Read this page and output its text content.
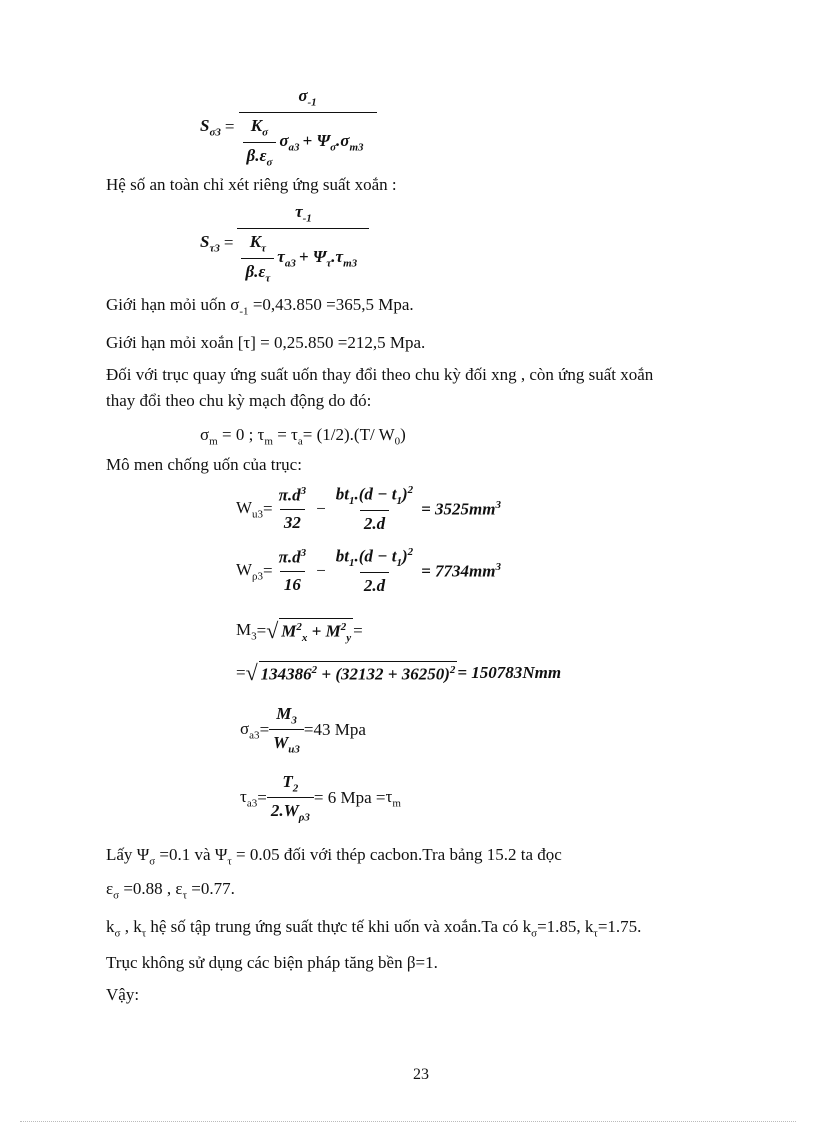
$S_{\sigma 3} = \frac{\sigma_{-1}}{\frac{K_\sigma}{\beta.\varepsilon_\sigma} \sigma_{a3} + \Psi_\sigma.\sigma_{m3}}$
Hệ số an toàn chỉ xét riêng ứng suất xoắn :
$S_{\tau 3} = \frac{\tau_{-1}}{\frac{K_\tau}{\beta.\varepsilon_\tau} \tau_{a3} + \Psi_\tau.\tau_{m3}}$
Giới hạn mỏi uốn $\sigma_{-1} =0,43.850 =365,5$ Mpa.
Giới hạn mỏi xoắn [τ] = 0,25.850 =212,5 Mpa.
Đối với trục quay ứng suất uốn thay đổi theo chu kỳ đối xng , còn ứng suất xoắn
thay đổi theo chu kỳ mạch động do đó:
$\sigma_m = 0$ ; $\tau_m = \tau_a= (1/2).(T/$ $W_0$)
Mô men chống uốn của trục:
$W_{u3} = \frac{\pi.d^3}{32} - \frac{bt_1.(d - t_1)^2}{2.d} = 3525mm^3$
$W_{\rho 3} = \frac{\pi.d^3}{16} - \frac{bt_1.(d - t_1)^2}{2.d} = 7734mm^3$
$M_3$ = √ $M^2_x + M^2_y$ =
= √ $134386^2 + (32132 + 36250)^2 = 150783Nmm$
$\sigma_{a3} = \frac{M_3}{W_{u3}} =43$ Mpa
$\tau_{a3} = \frac{T_2}{2.W_{\rho 3}} = 6$ Mpa = $\tau_m$
Lấy $\Psi_\sigma =0.1$ và $\Psi_\tau = 0.05$ đối với thép cacbon.Tra bảng 15.2 ta đọc
$\varepsilon_\sigma =0.88$ , $\varepsilon_\tau =0.77$.
$k_\sigma$ , $k_\tau$ hệ số tập trung ứng suất thực tế khi uốn và xoắn.Ta có $k_\sigma=1.85$, $k_\tau=1.75$.
Trục không sử dụng các biện pháp tăng bền β=1.
Vậy:
23
